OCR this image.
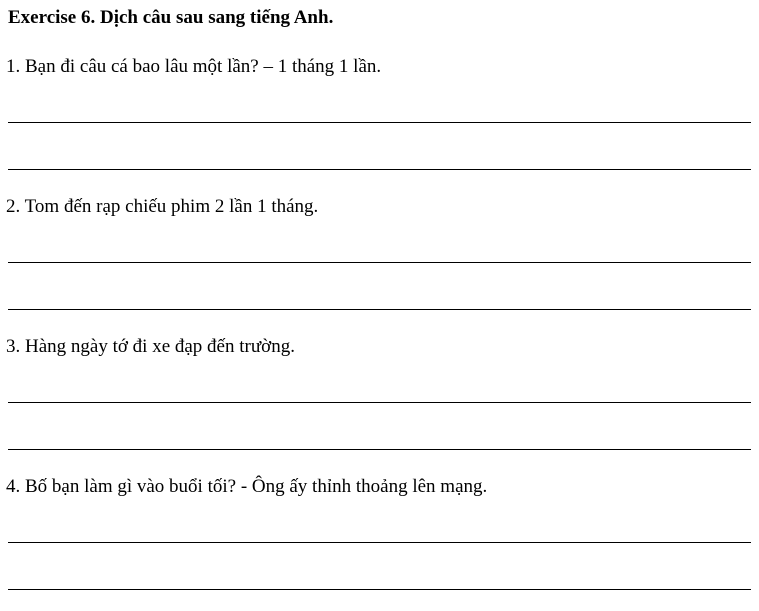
Exercise 6. Dịch câu sau sang tiếng Anh.
1. Bạn đi câu cá bao lâu một lần? – 1 tháng 1 lần.
2. Tom đến rạp chiếu phim 2 lần 1 tháng.
3. Hàng ngày tớ đi xe đạp đến trường.
4. Bố bạn làm gì vào buổi tối? - Ông ấy thỉnh thoảng lên mạng.
